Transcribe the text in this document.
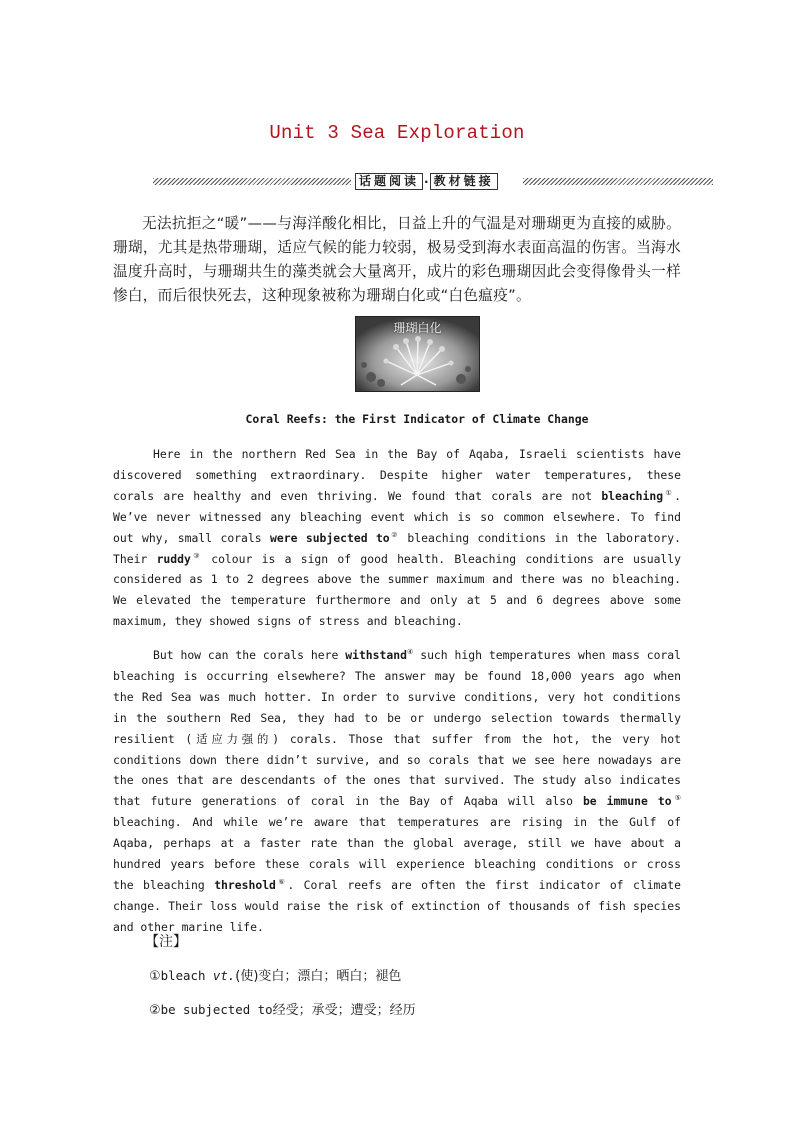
Unit 3 Sea Exploration
话题阅读 · 教材链接
无法抗拒之“暖”——与海洋酸化相比，日益上升的气温是对珊瑚更为直接的威胁。珊瑚，尤其是热带珊瑚，适应气候的能力较弱，极易受到海水表面高温的伤害。当海水温度升高时，与珊瑚共生的藻类就会大量离开，成片的彩色珊瑚因此会变得像骨头一样惨白，而后很快死去，这种现象被称为珊瑚白化或“白色瘟疫”。
珊瑚白化
Coral Reefs: the First Indicator of Climate Change
Here in the northern Red Sea in the Bay of Aqaba, Israeli scientists have discovered something extraordinary. Despite higher water temperatures, these corals are healthy and even thriving. We found that corals are not bleaching①. We’ve never witnessed any bleaching event which is so common elsewhere. To find out why, small corals were subjected to② bleaching conditions in the laboratory. Their ruddy③ colour is a sign of good health. Bleaching conditions are usually considered as 1 to 2 degrees above the summer maximum and there was no bleaching. We elevated the temperature furthermore and only at 5 and 6 degrees above some maximum, they showed signs of stress and bleaching.
But how can the corals here withstand④ such high temperatures when mass coral bleaching is occurring elsewhere? The answer may be found 18,000 years ago when the Red Sea was much hotter. In order to survive conditions, very hot conditions in the southern Red Sea, they had to be or undergo selection towards thermally resilient (适应力强的) corals. Those that suffer from the hot, the very hot conditions down there didn’t survive, and so corals that we see here nowadays are the ones that are descendants of the ones that survived. The study also indicates that future generations of coral in the Bay of Aqaba will also be immune to⑤ bleaching. And while we’re aware that temperatures are rising in the Gulf of Aqaba, perhaps at a faster rate than the global average, still we have about a hundred years before these corals will experience bleaching conditions or cross the bleaching threshold⑥. Coral reefs are often the first indicator of climate change. Their loss would raise the risk of extinction of thousands of fish species and other marine life.
【注】
①bleach vt.(使)变白；漂白；晒白；褪色
②be subjected to经受；承受；遭受；经历
